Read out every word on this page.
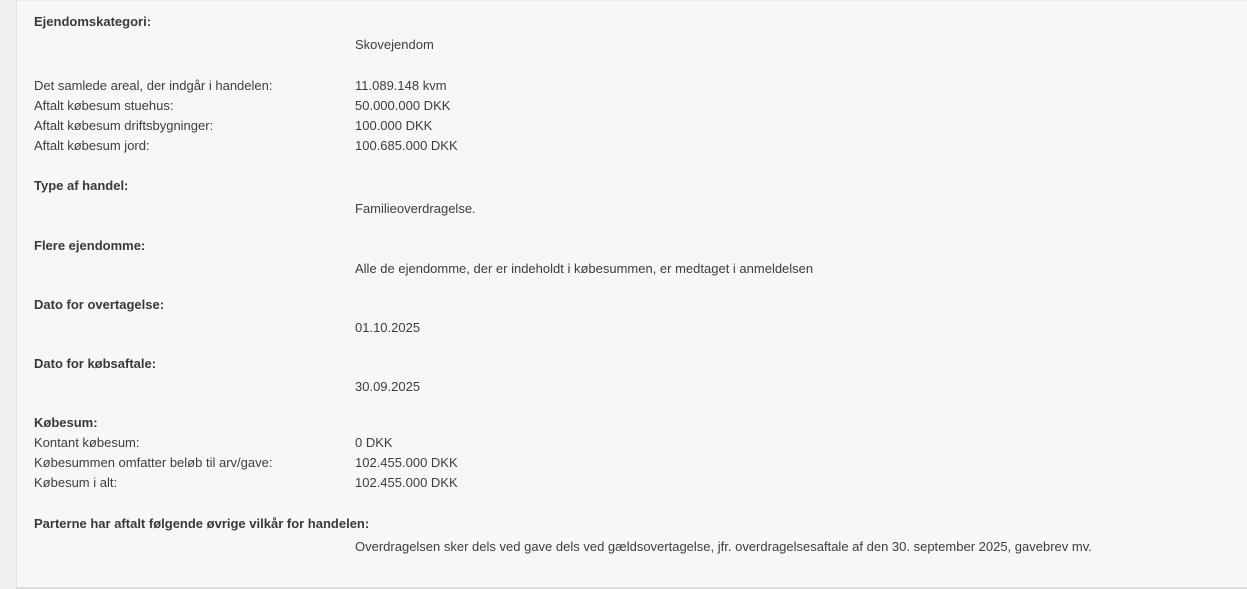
Ejendomskategori:
Skovejendom
Det samlede areal, der indgår i handelen:	11.089.148 kvm
Aftalt købesum stuehus:	50.000.000 DKK
Aftalt købesum driftsbygninger:	100.000 DKK
Aftalt købesum jord:	100.685.000 DKK
Type af handel:
Familieoverdragelse.
Flere ejendomme:
Alle de ejendomme, der er indeholdt i købesummen, er medtaget i anmeldelsen
Dato for overtagelse:
01.10.2025
Dato for købsaftale:
30.09.2025
Købesum:
Kontant købesum:	0 DKK
Købesummen omfatter beløb til arv/gave:	102.455.000 DKK
Købesum i alt:	102.455.000 DKK
Parterne har aftalt følgende øvrige vilkår for handelen:
Overdragelsen sker dels ved gave dels ved gældsovertagelse, jfr. overdragelsesaftale af den 30. september 2025, gavebrev mv.
